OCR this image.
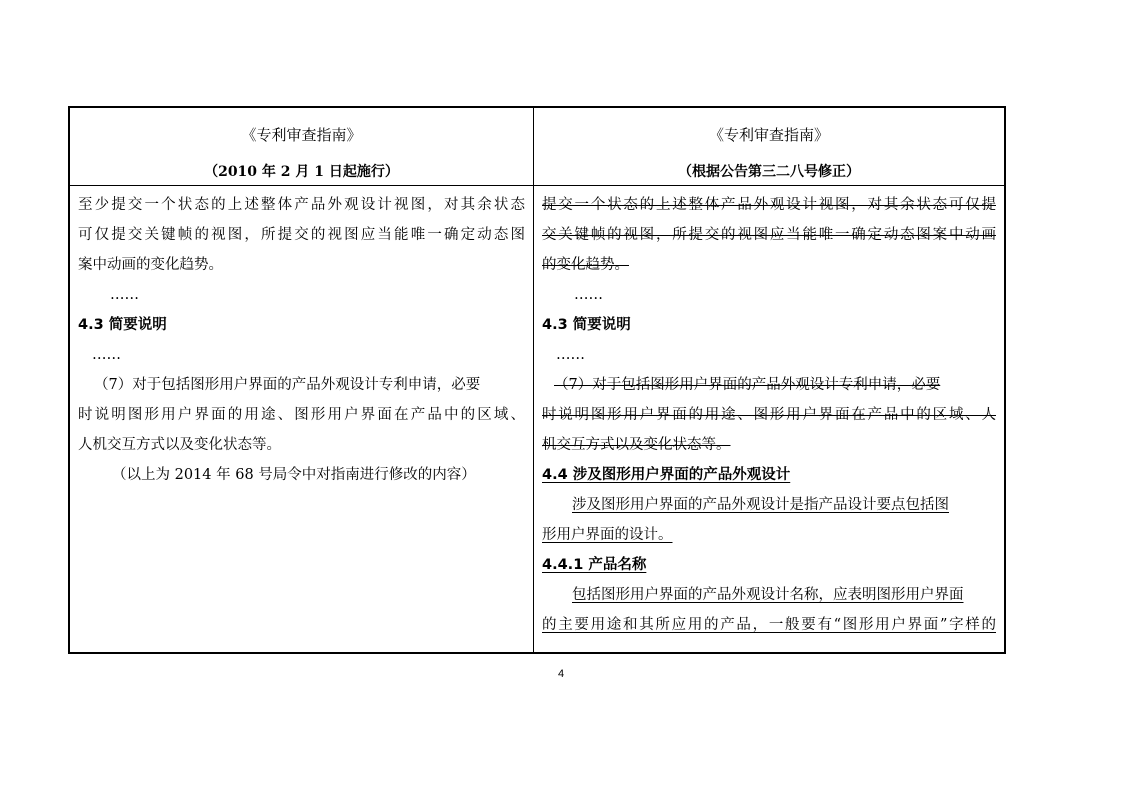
《专利审查指南》
（2010 年 2 月 1 日起施行）
至少提交一个状态的上述整体产品外观设计视图，对其余状态
可仅提交关键帧的视图，所提交的视图应当能唯一确定动态图
案中动画的变化趋势。
……
4.3 简要说明
……
（7）对于包括图形用户界面的产品外观设计专利申请，必要
时说明图形用户界面的用途、图形用户界面在产品中的区域、
人机交互方式以及变化状态等。
（以上为 2014 年 68 号局令中对指南进行修改的内容）
《专利审查指南》
（根据公告第三二八号修正）
提交一个状态的上述整体产品外观设计视图，对其余状态可仅提
交关键帧的视图，所提交的视图应当能唯一确定动态图案中动画
的变化趋势。
……
4.3 简要说明
……
（7）对于包括图形用户界面的产品外观设计专利申请，必要
时说明图形用户界面的用途、图形用户界面在产品中的区域、人
机交互方式以及变化状态等。
4.4 涉及图形用户界面的产品外观设计
涉及图形用户界面的产品外观设计是指产品设计要点包括图
形用户界面的设计。
4.4.1 产品名称
包括图形用户界面的产品外观设计名称，应表明图形用户界面
的主要用途和其所应用的产品，一般要有“图形用户界面”字样的
4
